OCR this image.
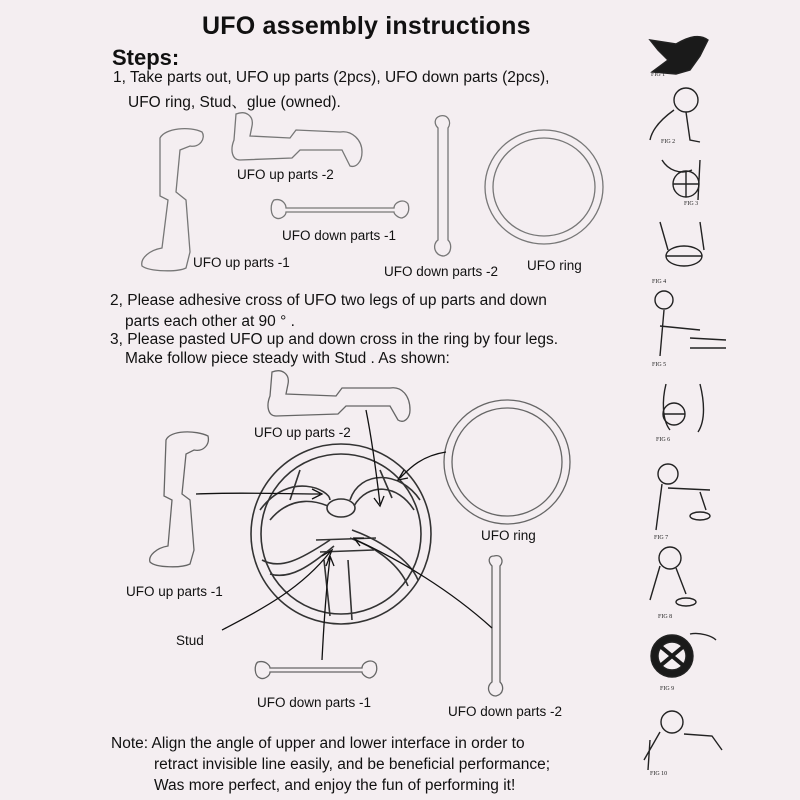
UFO assembly instructions
Steps:
1, Take parts out, UFO up parts (2pcs), UFO down parts (2pcs),
UFO ring, Stud、glue (owned).
2, Please adhesive cross of UFO two legs of up parts and down
parts each other at 90 ° .
3, Please pasted UFO up and down cross in the ring by four legs.
Make follow piece steady with Stud . As shown:
UFO up parts -2
UFO down parts -1
UFO up parts -1
UFO down parts -2 UFO ring
UFO up parts -2
UFO ring
UFO up parts -1
Stud
UFO down parts -1
UFO down parts -2
Note: Align the angle of upper and lower interface in order to
retract invisible line easily, and be beneficial performance;
Was more perfect, and enjoy the fun of performing it!
FIG 1
FIG 2
FIG 3
FIG 4
FIG 5
FIG 6
FIG 7
FIG 8
FIG 9
FIG 10
